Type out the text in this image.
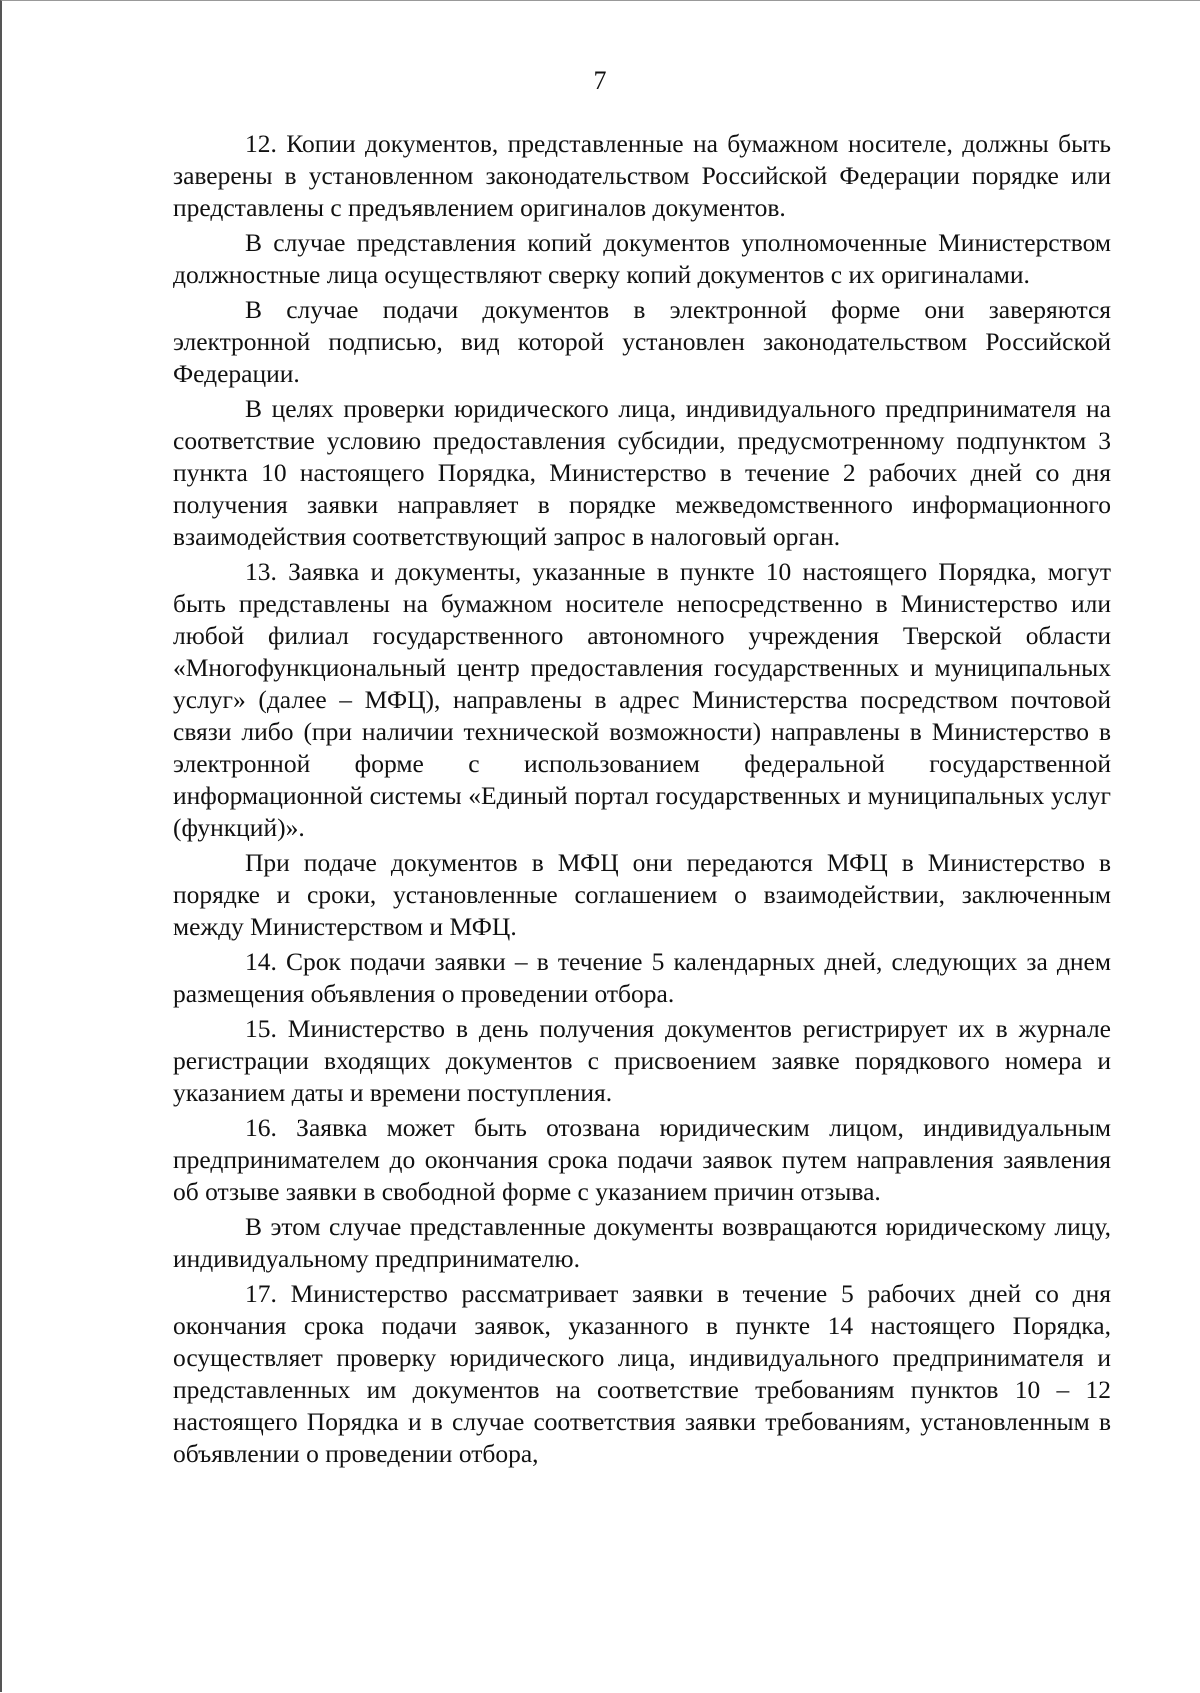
7

12. Копии документов, представленные на бумажном носителе, должны быть заверены в установленном законодательством Российской Федерации порядке или представлены с предъявлением оригиналов документов.

В случае представления копий документов уполномоченные Министерством должностные лица осуществляют сверку копий документов с их оригиналами.

В случае подачи документов в электронной форме они заверяются электронной подписью, вид которой установлен законодательством Российской Федерации.

В целях проверки юридического лица, индивидуального предпринимателя на соответствие условию предоставления субсидии, предусмотренному подпунктом 3 пункта 10 настоящего Порядка, Министерство в течение 2 рабочих дней со дня получения заявки направляет в порядке межведомственного информационного взаимодействия соответствующий запрос в налоговый орган.

13. Заявка и документы, указанные в пункте 10 настоящего Порядка, могут быть представлены на бумажном носителе непосредственно в Министерство или любой филиал государственного автономного учреждения Тверской области «Многофункциональный центр предоставления государственных и муниципальных услуг» (далее – МФЦ), направлены в адрес Министерства посредством почтовой связи либо (при наличии технической возможности) направлены в Министерство в электронной форме с использованием федеральной государственной информационной системы «Единый портал государственных и муниципальных услуг (функций)».

При подаче документов в МФЦ они передаются МФЦ в Министерство в порядке и сроки, установленные соглашением о взаимодействии, заключенным между Министерством и МФЦ.

14. Срок подачи заявки – в течение 5 календарных дней, следующих за днем размещения объявления о проведении отбора.

15. Министерство в день получения документов регистрирует их в журнале регистрации входящих документов с присвоением заявке порядкового номера и указанием даты и времени поступления.

16. Заявка может быть отозвана юридическим лицом, индивидуальным предпринимателем до окончания срока подачи заявок путем направления заявления об отзыве заявки в свободной форме с указанием причин отзыва.

В этом случае представленные документы возвращаются юридическому лицу, индивидуальному предпринимателю.

17. Министерство рассматривает заявки в течение 5 рабочих дней со дня окончания срока подачи заявок, указанного в пункте 14 настоящего Порядка, осуществляет проверку юридического лица, индивидуального предпринимателя и представленных им документов на соответствие требованиям пунктов 10 – 12 настоящего Порядка и в случае соответствия заявки требованиям, установленным в объявлении о проведении отбора,
